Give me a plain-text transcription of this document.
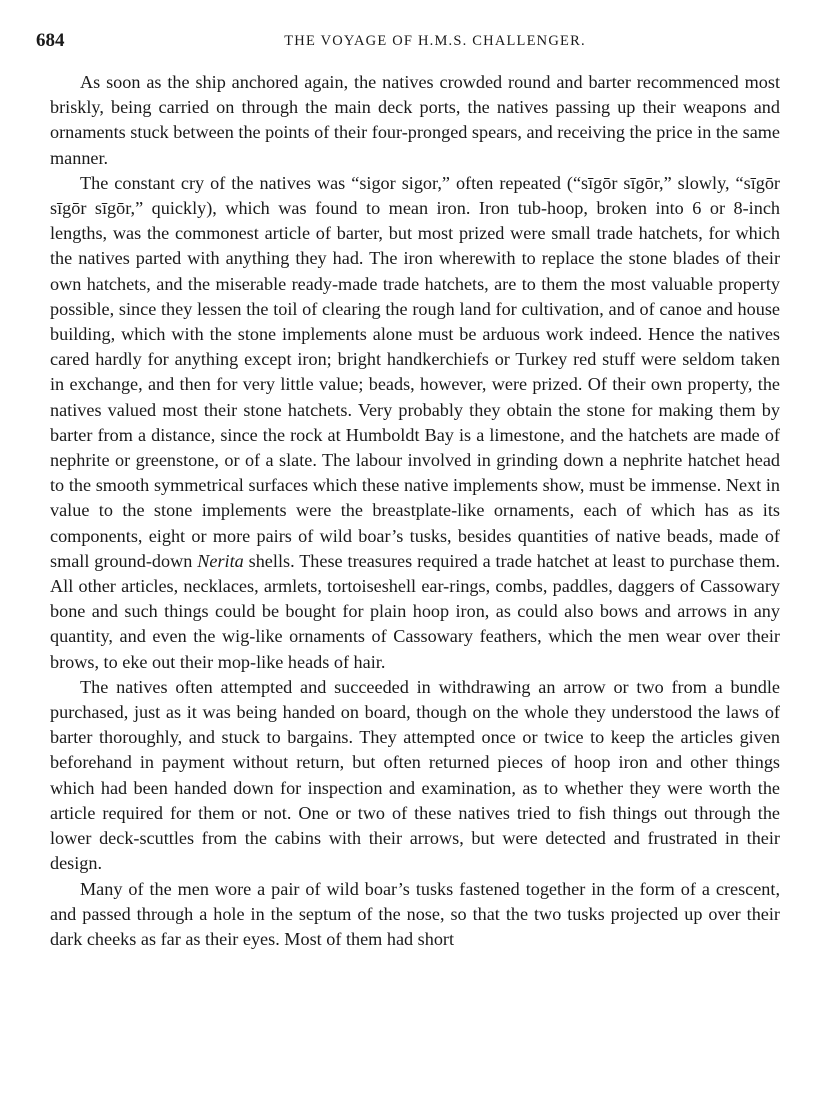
684	THE VOYAGE OF H.M.S. CHALLENGER.

As soon as the ship anchored again, the natives crowded round and barter recommenced most briskly, being carried on through the main deck ports, the natives passing up their weapons and ornaments stuck between the points of their four-pronged spears, and receiving the price in the same manner.

The constant cry of the natives was “sigor sigor,” often repeated (“sīgōr sīgōr,” slowly, “sīgōr sīgōr sīgōr,” quickly), which was found to mean iron. Iron tub-hoop, broken into 6 or 8-inch lengths, was the commonest article of barter, but most prized were small trade hatchets, for which the natives parted with anything they had. The iron wherewith to replace the stone blades of their own hatchets, and the miserable ready-made trade hatchets, are to them the most valuable property possible, since they lessen the toil of clearing the rough land for cultivation, and of canoe and house building, which with the stone implements alone must be arduous work indeed. Hence the natives cared hardly for anything except iron; bright handkerchiefs or Turkey red stuff were seldom taken in exchange, and then for very little value; beads, however, were prized. Of their own property, the natives valued most their stone hatchets. Very probably they obtain the stone for making them by barter from a distance, since the rock at Humboldt Bay is a limestone, and the hatchets are made of nephrite or greenstone, or of a slate. The labour involved in grinding down a nephrite hatchet head to the smooth symmetrical surfaces which these native implements show, must be immense. Next in value to the stone implements were the breastplate-like ornaments, each of which has as its components, eight or more pairs of wild boar’s tusks, besides quantities of native beads, made of small ground-down Nerita shells. These treasures required a trade hatchet at least to purchase them. All other articles, necklaces, armlets, tortoiseshell ear-rings, combs, paddles, daggers of Cassowary bone and such things could be bought for plain hoop iron, as could also bows and arrows in any quantity, and even the wig-like ornaments of Cassowary feathers, which the men wear over their brows, to eke out their mop-like heads of hair.

The natives often attempted and succeeded in withdrawing an arrow or two from a bundle purchased, just as it was being handed on board, though on the whole they understood the laws of barter thoroughly, and stuck to bargains. They attempted once or twice to keep the articles given beforehand in payment without return, but often returned pieces of hoop iron and other things which had been handed down for inspection and examination, as to whether they were worth the article required for them or not. One or two of these natives tried to fish things out through the lower deck-scuttles from the cabins with their arrows, but were detected and frustrated in their design.

Many of the men wore a pair of wild boar’s tusks fastened together in the form of a crescent, and passed through a hole in the septum of the nose, so that the two tusks projected up over their dark cheeks as far as their eyes. Most of them had short
